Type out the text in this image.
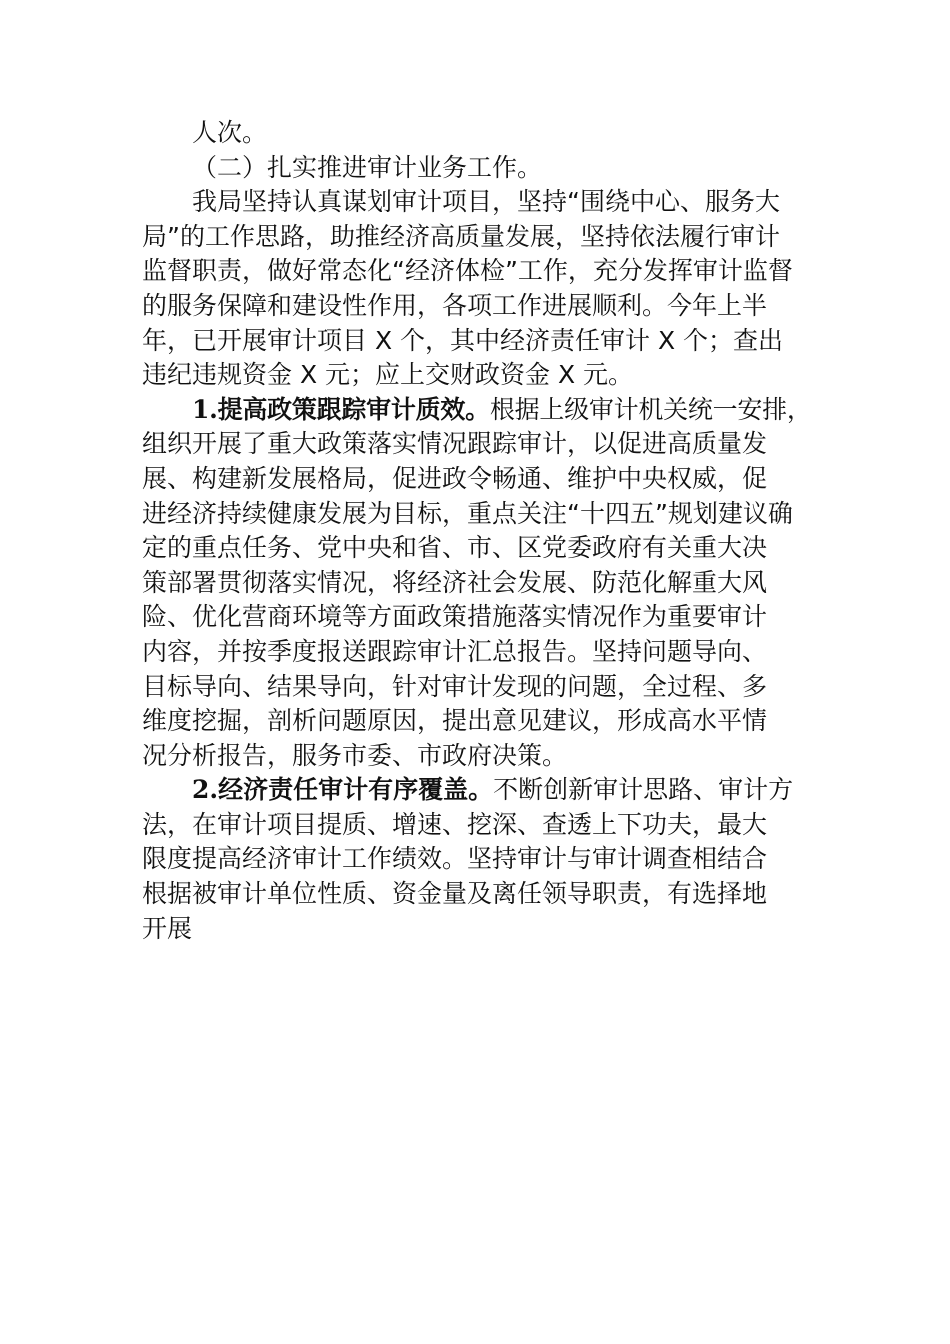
人次。
（二）扎实推进审计业务工作。
我局坚持认真谋划审计项目，坚持“围绕中心、服务大
局”的工作思路，助推经济高质量发展，坚持依法履行审计
监督职责，做好常态化“经济体检”工作，充分发挥审计监督
的服务保障和建设性作用，各项工作进展顺利。今年上半
年，已开展审计项目 X 个，其中经济责任审计 X 个；查出
违纪违规资金 X 元；应上交财政资金 X 元。
1.提高政策跟踪审计质效。根据上级审计机关统一安排，
组织开展了重大政策落实情况跟踪审计，以促进高质量发
展、构建新发展格局，促进政令畅通、维护中央权威，促
进经济持续健康发展为目标，重点关注“十四五”规划建议确
定的重点任务、党中央和省、市、区党委政府有关重大决
策部署贯彻落实情况，将经济社会发展、防范化解重大风
险、优化营商环境等方面政策措施落实情况作为重要审计
内容，并按季度报送跟踪审计汇总报告。坚持问题导向、
目标导向、结果导向，针对审计发现的问题，全过程、多
维度挖掘，剖析问题原因，提出意见建议，形成高水平情
况分析报告，服务市委、市政府决策。
2.经济责任审计有序覆盖。不断创新审计思路、审计方
法，在审计项目提质、增速、挖深、查透上下功夫，最大
限度提高经济审计工作绩效。坚持审计与审计调查相结合
根据被审计单位性质、资金量及离任领导职责，有选择地
开展
